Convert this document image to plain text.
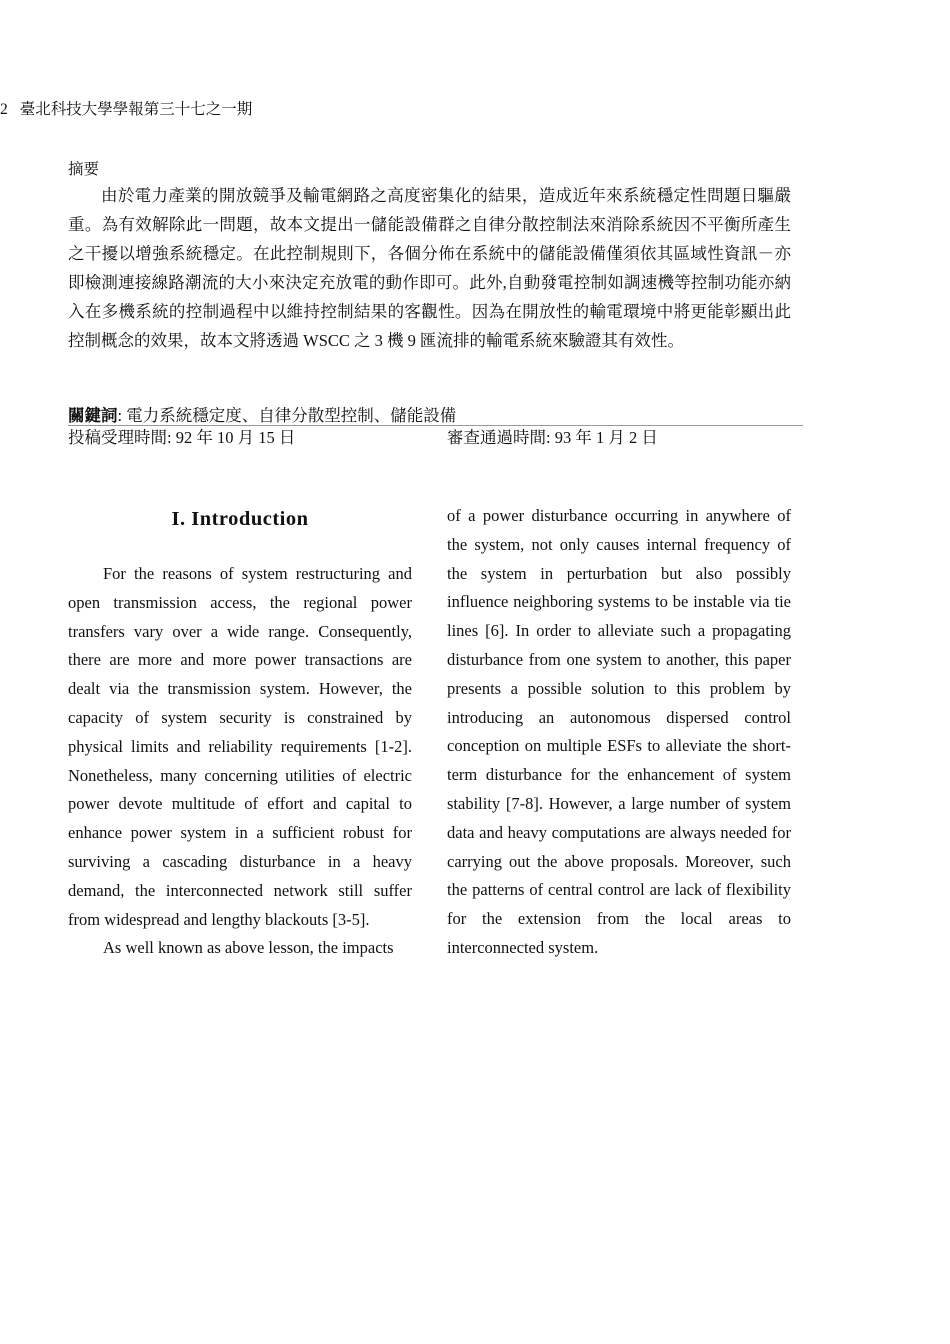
2 臺北科技大學學報第三十七之一期
摘要

由於電力產業的開放競爭及輸電網路之高度密集化的結果，造成近年來系統穩定性問題日驅嚴重。為有效解除此一問題，故本文提出一儲能設備群之自律分散控制法來消除系統因不平衡所產生之干擾以增強系統穩定。在此控制規則下，各個分佈在系統中的儲能設備僅須依其區域性資訊－亦即檢測連接線路潮流的大小來決定充放電的動作即可。此外,自動發電控制如調速機等控制功能亦納入在多機系統的控制過程中以維持控制結果的客觀性。因為在開放性的輸電環境中將更能彰顯出此控制概念的效果，故本文將透過 WSCC 之 3 機 9 匯流排的輸電系統來驗證其有效性。

關鍵詞: 電力系統穩定度、自律分散型控制、儲能設備
投稿受理時間: 92 年 10 月 15 日	審查通過時間: 93 年 1 月 2 日
I. Introduction

For the reasons of system restructuring and open transmission access, the regional power transfers vary over a wide range. Consequently, there are more and more power transactions are dealt via the transmission system. However, the capacity of system security is constrained by physical limits and reliability requirements [1-2]. Nonetheless, many concerning utilities of electric power devote multitude of effort and capital to enhance power system in a sufficient robust for surviving a cascading disturbance in a heavy demand, the interconnected network still suffer from widespread and lengthy blackouts [3-5].

As well known as above lesson, the impacts

of a power disturbance occurring in anywhere of the system, not only causes internal frequency of the system in perturbation but also possibly influence neighboring systems to be instable via tie lines [6]. In order to alleviate such a propagating disturbance from one system to another, this paper presents a possible solution to this problem by introducing an autonomous dispersed control conception on multiple ESFs to alleviate the short-term disturbance for the enhancement of system stability [7-8]. However, a large number of system data and heavy computations are always needed for carrying out the above proposals. Moreover, such the patterns of central control are lack of flexibility for the extension from the local areas to interconnected system.
